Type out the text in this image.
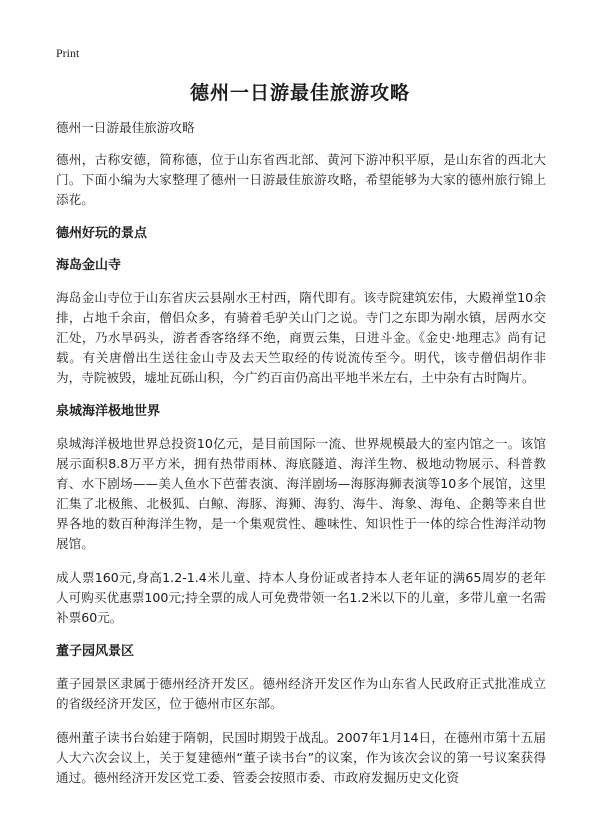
Print
德州一日游最佳旅游攻略

德州一日游最佳旅游攻略

德州，古称安德，简称德，位于山东省西北部、黄河下游冲积平原，是山东省的西北大门。下面小编为大家整理了德州一日游最佳旅游攻略，希望能够为大家的德州旅行锦上添花。

德州好玩的景点
海岛金山寺

海岛金山寺位于山东省庆云县剐水王村西，隋代即有。该寺院建筑宏伟，大殿禅堂10余排，占地千余亩，僧侣众多，有骑着毛驴关山门之说。寺门之东即为剐水镇，居两水交汇处，乃水旱码头，游者香客络绎不绝，商贾云集，日进斗金。《金史·地理志》尚有记载。有关唐僧出生送往金山寺及去天竺取经的传说流传至今。明代，该寺僧侣胡作非为，寺院被毁，墟址瓦砾山积，今广约百亩仍高出平地半米左右，土中杂有古时陶片。

泉城海洋极地世界

泉城海洋极地世界总投资10亿元，是目前国际一流、世界规模最大的室内馆之一。该馆展示面积8.8万平方米，拥有热带雨林、海底隧道、海洋生物、极地动物展示、科普教育、水下剧场——美人鱼水下芭蕾表演、海洋剧场—海豚海狮表演等10多个展馆，这里汇集了北极熊、北极狐、白鲸、海豚、海狮、海豹、海牛、海象、海龟、企鹅等来自世界各地的数百种海洋生物，是一个集观赏性、趣味性、知识性于一体的综合性海洋动物展馆。

成人票160元,身高1.2-1.4米儿童、持本人身份证或者持本人老年证的满65周岁的老年人可购买优惠票100元;持全票的成人可免费带领一名1.2米以下的儿童，多带儿童一名需补票60元。

董子园风景区

董子园景区隶属于德州经济开发区。德州经济开发区作为山东省人民政府正式批准成立的省级经济开发区，位于德州市区东部。

德州董子读书台始建于隋朝，民国时期毁于战乱。2007年1月14日，在德州市第十五届人大六次会议上，关于复建德州“董子读书台”的议案，作为该次会议的第一号议案获得通过。德州经济开发区党工委、管委会按照市委、市政府发掘历史文化资
